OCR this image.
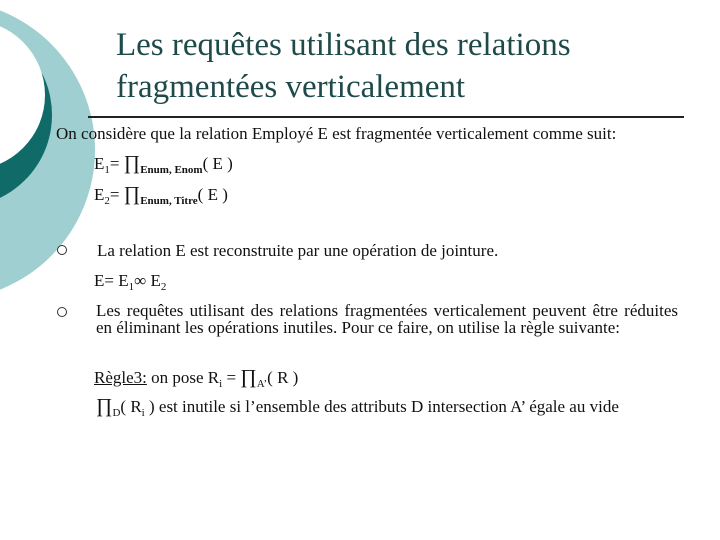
Les requêtes utilisant des relations
fragmentées verticalement
On considère que la relation Employé E est fragmentée verticalement comme suit:
$E_1=$ $\prod_{Enum, Enom}$( E )
$E_2=$ $\prod_{Enum, Titre}$( E )
La relation E est reconstruite par une opération de jointure.
$E= E_1\infty$ $E_2$
Les requêtes utilisant des relations fragmentées verticalement peuvent être réduites en éliminant les opérations inutiles. Pour ce faire, on utilise la règle suivante:
Règle3: on pose $R_i$ = $\prod_{A’}$( R )
$\prod_D$( $R_i$ ) est inutile si l’ensemble des attributs D intersection A’ égale au vide
